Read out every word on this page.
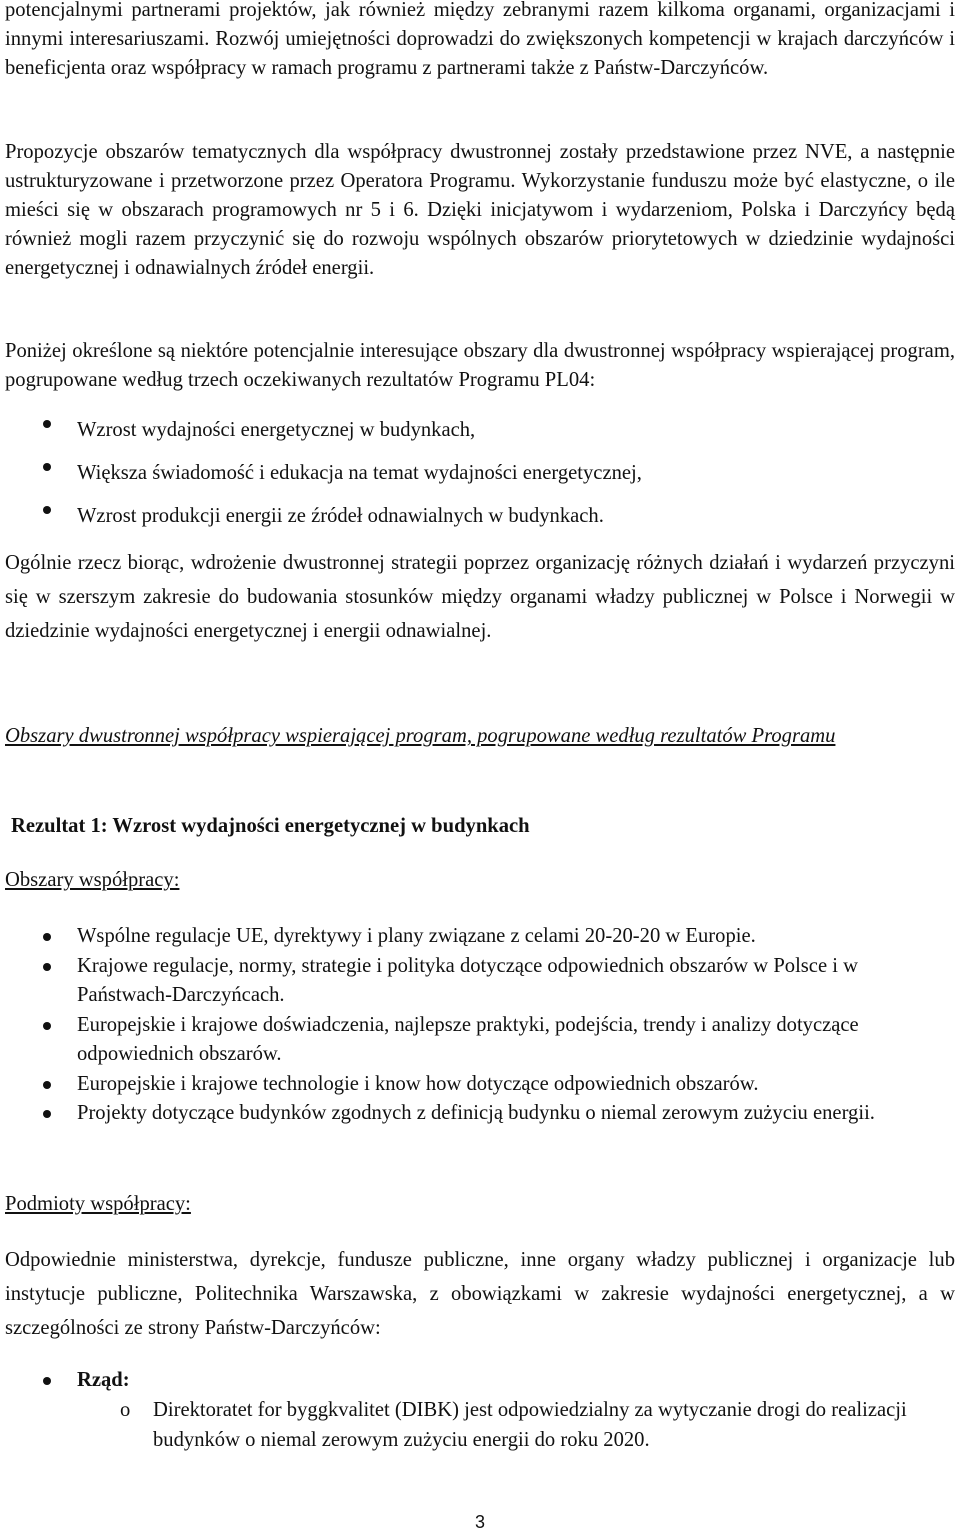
potencjalnymi partnerami projektów, jak również między zebranymi razem kilkoma organami, organizacjami i innymi interesariuszami. Rozwój umiejętności doprowadzi do zwiększonych kompetencji w krajach darczyńców i beneficjenta oraz współpracy w ramach programu z partnerami także z Państw-Darczyńców.

Propozycje obszarów tematycznych dla współpracy dwustronnej zostały przedstawione przez NVE, a następnie ustrukturyzowane i przetworzone przez Operatora Programu. Wykorzystanie funduszu może być elastyczne, o ile mieści się w obszarach programowych nr 5 i 6. Dzięki inicjatywom i wydarzeniom, Polska i Darczyńcy będą również mogli razem przyczynić się do rozwoju wspólnych obszarów priorytetowych w dziedzinie wydajności energetycznej i odnawialnych źródeł energii.

Poniżej określone są niektóre potencjalnie interesujące obszary dla dwustronnej współpracy wspierającej program, pogrupowane według trzech oczekiwanych rezultatów Programu PL04:

Wzrost wydajności energetycznej w budynkach,
Większa świadomość i edukacja na temat wydajności energetycznej,
Wzrost produkcji energii ze źródeł odnawialnych w budynkach.

Ogólnie rzecz biorąc, wdrożenie dwustronnej strategii poprzez organizację różnych działań i wydarzeń przyczyni się w szerszym zakresie do budowania stosunków między organami władzy publicznej w Polsce i Norwegii w dziedzinie wydajności energetycznej i energii odnawialnej.

Obszary dwustronnej współpracy wspierającej program, pogrupowane według rezultatów Programu

Rezultat 1: Wzrost wydajności energetycznej w budynkach

Obszary współpracy:

Wspólne regulacje UE, dyrektywy i plany związane z celami 20-20-20 w Europie.
Krajowe regulacje, normy, strategie i polityka dotyczące odpowiednich obszarów w Polsce i w Państwach-Darczyńcach.
Europejskie i krajowe doświadczenia, najlepsze praktyki, podejścia, trendy i analizy dotyczące odpowiednich obszarów.
Europejskie i krajowe technologie i know how dotyczące odpowiednich obszarów.
Projekty dotyczące budynków zgodnych z definicją budynku o niemal zerowym zużyciu energii.

Podmioty współpracy:

Odpowiednie ministerstwa, dyrekcje, fundusze publiczne, inne organy władzy publicznej i organizacje lub instytucje publiczne, Politechnika Warszawska, z obowiązkami w zakresie wydajności energetycznej, a w szczególności ze strony Państw-Darczyńców:

Rząd:
o Direktoratet for byggkvalitet (DIBK) jest odpowiedzialny za wytyczanie drogi do realizacji budynków o niemal zerowym zużyciu energii do roku 2020.
3
